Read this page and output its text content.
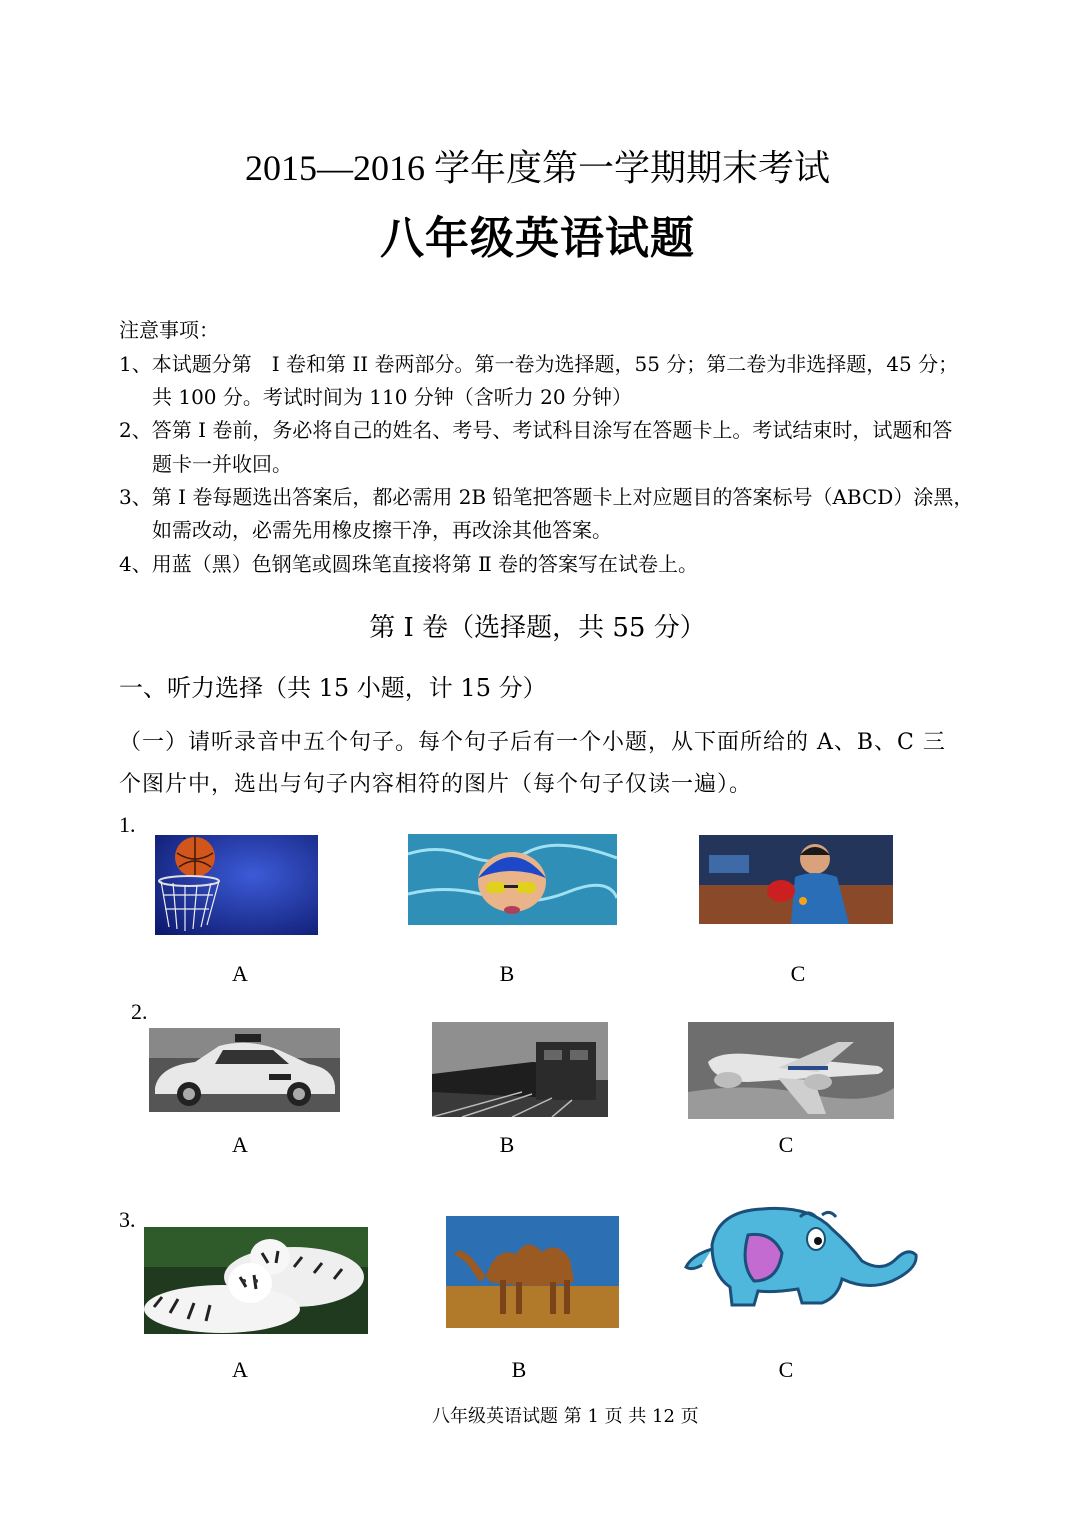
2015—2016 学年度第一学期期末考试
八年级英语试题
注意事项：
1、本试题分第　I 卷和第 II 卷两部分。第一卷为选择题，55 分；第二卷为非选择题，45 分；
共 100 分。考试时间为 110 分钟（含听力 20 分钟）
2、答第 I 卷前，务必将自己的姓名、考号、考试科目涂写在答题卡上。考试结束时，试题和答
题卡一并收回。
3、第 I 卷每题选出答案后，都必需用 2B 铅笔把答题卡上对应题目的答案标号（ABCD）涂黑，
如需改动，必需先用橡皮擦干净，再改涂其他答案。
4、用蓝（黑）色钢笔或圆珠笔直接将第 Ⅱ 卷的答案写在试卷上。
第 I 卷（选择题，共 55 分）
一、听力选择（共 15 小题，计 15 分）
（一）请听录音中五个句子。每个句子后有一个小题，从下面所给的 A、B、C 三
个图片中，选出与句子内容相符的图片（每个句子仅读一遍）。
1.
A	B	C
2.
A	B	C
3.
A	B	C
八年级英语试题 第 1 页 共 12 页
